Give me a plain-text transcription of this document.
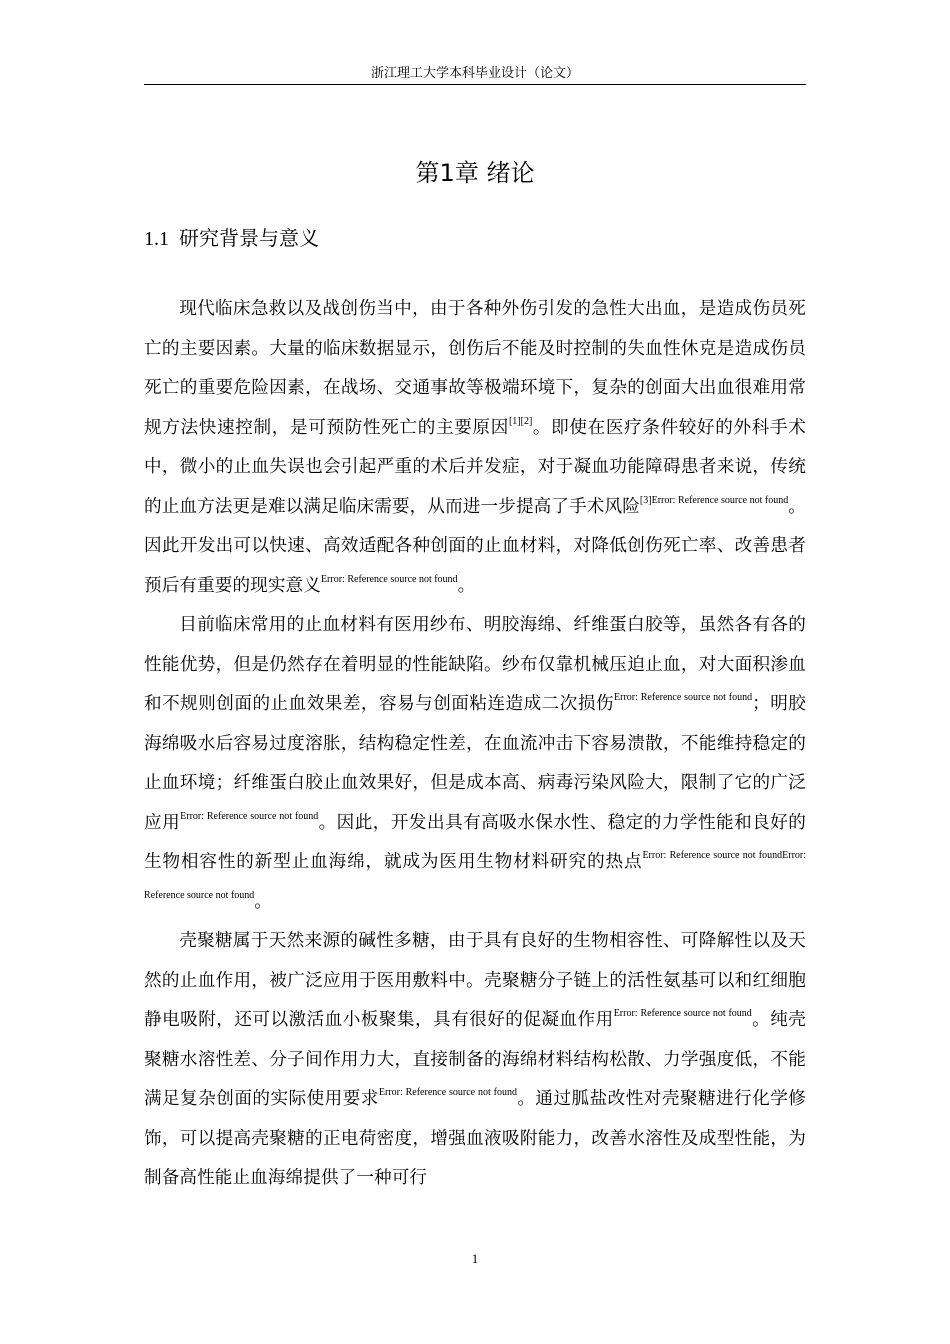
浙江理工大学本科毕业设计（论文）
第1章 绪论
1.1 研究背景与意义

现代临床急救以及战创伤当中，由于各种外伤引发的急性大出血，是造成伤员死亡的主要因素。大量的临床数据显示，创伤后不能及时控制的失血性休克是造成伤员死亡的重要危险因素，在战场、交通事故等极端环境下，复杂的创面大出血很难用常规方法快速控制，是可预防性死亡的主要原因[1][2]。即使在医疗条件较好的外科手术中，微小的止血失误也会引起严重的术后并发症，对于凝血功能障碍患者来说，传统的止血方法更是难以满足临床需要，从而进一步提高了手术风险$^{[3]Error: Reference source not found}$。因此开发出可以快速、高效适配各种创面的止血材料，对降低创伤死亡率、改善患者预后有重要的现实意义$^{Error: Reference source not found}$。

目前临床常用的止血材料有医用纱布、明胶海绵、纤维蛋白胶等，虽然各有各的性能优势，但是仍然存在着明显的性能缺陷。纱布仅靠机械压迫止血，对大面积渗血和不规则创面的止血效果差，容易与创面粘连造成二次损伤$^{Error: Reference source not found}$；明胶海绵吸水后容易过度溶胀，结构稳定性差，在血流冲击下容易溃散，不能维持稳定的止血环境；纤维蛋白胶止血效果好，但是成本高、病毒污染风险大，限制了它的广泛应用$^{Error: Reference source not found}$。因此，开发出具有高吸水保水性、稳定的力学性能和良好的生物相容性的新型止血海绵，就成为医用生物材料研究的热点$^{Error: Reference source not foundError: Reference source not found}$。

壳聚糖属于天然来源的碱性多糖，由于具有良好的生物相容性、可降解性以及天然的止血作用，被广泛应用于医用敷料中。壳聚糖分子链上的活性氨基可以和红细胞静电吸附，还可以激活血小板聚集，具有很好的促凝血作用$^{Error: Reference source not found}$。纯壳聚糖水溶性差、分子间作用力大，直接制备的海绵材料结构松散、力学强度低，不能满足复杂创面的实际使用要求$^{Error: Reference source not found}$。通过胍盐改性对壳聚糖进行化学修饰，可以提高壳聚糖的正电荷密度，增强血液吸附能力，改善水溶性及成型性能，为制备高性能止血海绵提供了一种可行

1
